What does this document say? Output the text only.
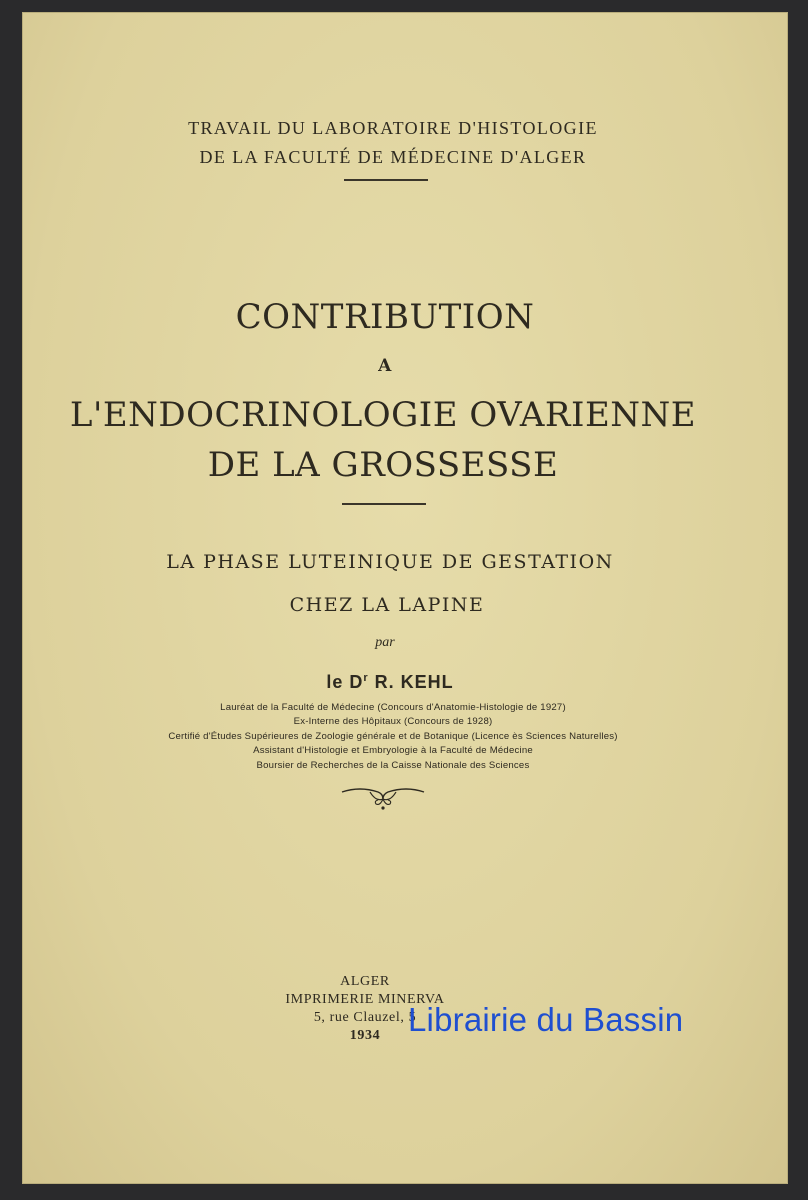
TRAVAIL DU LABORATOIRE D'HISTOLOGIE
DE LA FACULTÉ DE MÉDECINE D'ALGER
CONTRIBUTION
A
L'ENDOCRINOLOGIE OVARIENNE
DE LA GROSSESSE
LA PHASE LUTEINIQUE DE GESTATION
CHEZ LA LAPINE
par
le $D^r$ R. KEHL
Lauréat de la Faculté de Médecine (Concours d'Anatomie-Histologie de 1927)
Ex-Interne des Hôpitaux (Concours de 1928)
Certifié d'Études Supérieures de Zoologie générale et de Botanique (Licence ès Sciences Naturelles)
Assistant d'Histologie et Embryologie à la Faculté de Médecine
Boursier de Recherches de la Caisse Nationale des Sciences
ALGER
IMPRIMERIE MINERVA
5, rue Clauzel, 5
1934 Librairie du Bassin
